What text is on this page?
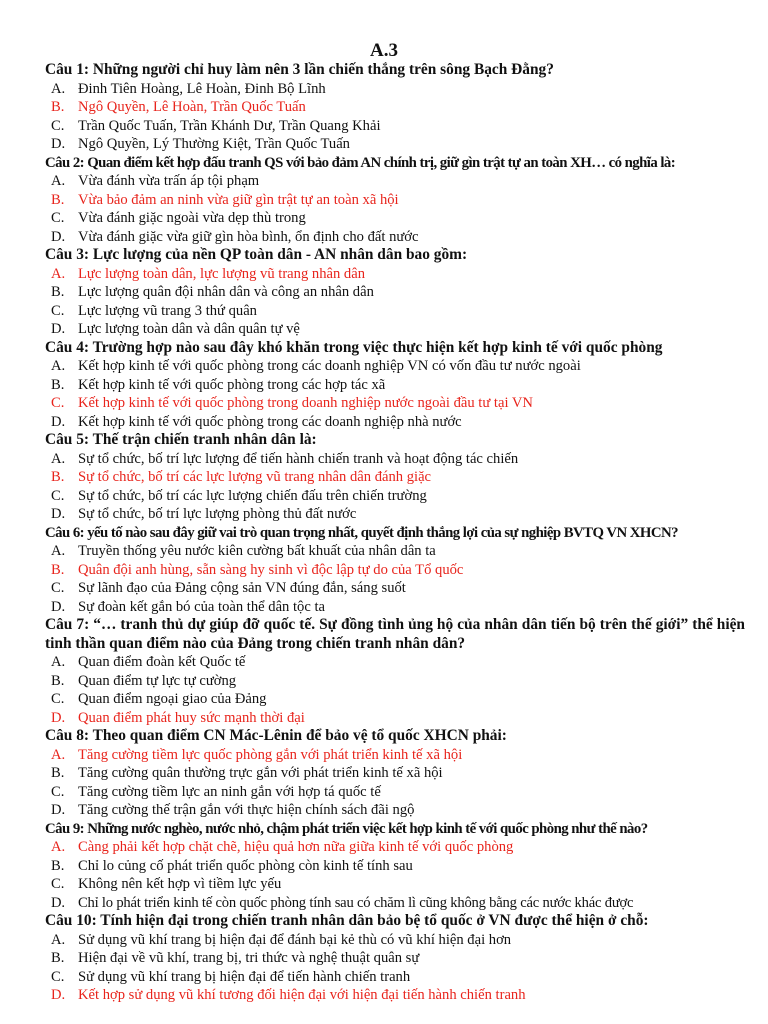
A.3
Câu 1: Những người chỉ huy làm nên 3 lần chiến thắng trên sông Bạch Đằng?
A. Đinh Tiên Hoàng, Lê Hoàn, Đinh Bộ Lĩnh
B. Ngô Quyền, Lê Hoàn, Trần Quốc Tuấn
C. Trần Quốc Tuấn, Trần Khánh Dư, Trần Quang Khải
D. Ngô Quyền, Lý Thường Kiệt, Trần Quốc Tuấn
Câu 2: Quan điểm kết hợp đấu tranh QS với bảo đảm AN chính trị, giữ gìn trật tự an toàn XH… có nghĩa là:
A. Vừa đánh vừa trấn áp tội phạm
B. Vừa bảo đảm an ninh vừa giữ gìn trật tự an toàn xã hội
C. Vừa đánh giặc ngoài vừa dẹp thù trong
D. Vừa đánh giặc vừa giữ gìn hòa bình, ổn định cho đất nước
Câu 3: Lực lượng của nền QP toàn dân - AN nhân dân bao gồm:
A. Lực lượng toàn dân, lực lượng vũ trang nhân dân
B. Lực lượng quân đội nhân dân và công an nhân dân
C. Lực lượng vũ trang 3 thứ quân
D. Lực lượng toàn dân và dân quân tự vệ
Câu 4: Trường hợp nào sau đây khó khăn trong việc thực hiện kết hợp kinh tế với quốc phòng
A. Kết hợp kinh tế với quốc phòng trong các doanh nghiệp VN có vốn đầu tư nước ngoài
B. Kết hợp kinh tế với quốc phòng trong các hợp tác xã
C. Kết hợp kinh tế với quốc phòng trong doanh nghiệp nước ngoài đầu tư tại VN
D. Kết hợp kinh tế với quốc phòng trong các doanh nghiệp nhà nước
Câu 5: Thế trận chiến tranh nhân dân là:
A. Sự tổ chức, bố trí lực lượng để tiến hành chiến tranh và hoạt động tác chiến
B. Sự tổ chức, bố trí các lực lượng vũ trang nhân dân đánh giặc
C. Sự tổ chức, bố trí các lực lượng chiến đấu trên chiến trường
D. Sự tổ chức, bố trí lực lượng phòng thủ đất nước
Câu 6: yếu tố nào sau đây giữ vai trò quan trọng nhất, quyết định thắng lợi của sự nghiệp BVTQ VN XHCN?
A. Truyền thống yêu nước kiên cường bất khuất của nhân dân ta
B. Quân đội anh hùng, sẵn sàng hy sinh vì độc lập tự do của Tổ quốc
C. Sự lãnh đạo của Đảng cộng sản VN đúng đắn, sáng suốt
D. Sự đoàn kết gắn bó của toàn thể dân tộc ta
Câu 7: “… tranh thủ dự giúp đỡ quốc tế. Sự đồng tình ủng hộ của nhân dân tiến bộ trên thế giới” thể hiện tinh thần quan điểm nào của Đảng trong chiến tranh nhân dân?
A. Quan điểm đoàn kết Quốc tế
B. Quan điểm tự lực tự cường
C. Quan điểm ngoại giao của Đảng
D. Quan điểm phát huy sức mạnh thời đại
Câu 8: Theo quan điểm CN Mác-Lênin để bảo vệ tổ quốc XHCN phải:
A. Tăng cường tiềm lực quốc phòng gắn với phát triển kinh tế xã hội
B. Tăng cường quân thường trực gắn với phát triển kinh tế xã hội
C. Tăng cường tiềm lực an ninh gắn với hợp tá quốc tế
D. Tăng cường thế trận gắn với thực hiện chính sách đãi ngộ
Câu 9: Những nước nghèo, nước nhỏ, chậm phát triển việc kết hợp kinh tế với quốc phòng như thế nào?
A. Càng phải kết hợp chặt chẽ, hiệu quả hơn nữa giữa kinh tế với quốc phòng
B. Chỉ lo củng cố phát triển quốc phòng còn kinh tế tính sau
C. Không nên kết hợp vì tiềm lực yếu
D. Chỉ lo phát triển kinh tế còn quốc phòng tính sau có chăm lì cũng không bằng các nước khác được
Câu 10: Tính hiện đại trong chiến tranh nhân dân bảo bệ tổ quốc ở VN được thể hiện ở chỗ:
A. Sử dụng vũ khí trang bị hiện đại để đánh bại kẻ thù có vũ khí hiện đại hơn
B. Hiện đại về vũ khí, trang bị, tri thức và nghệ thuật quân sự
C. Sử dụng vũ khí trang bị hiện đại để tiến hành chiến tranh
D. Kết hợp sử dụng vũ khí tương đối hiện đại với hiện đại tiến hành chiến tranh
